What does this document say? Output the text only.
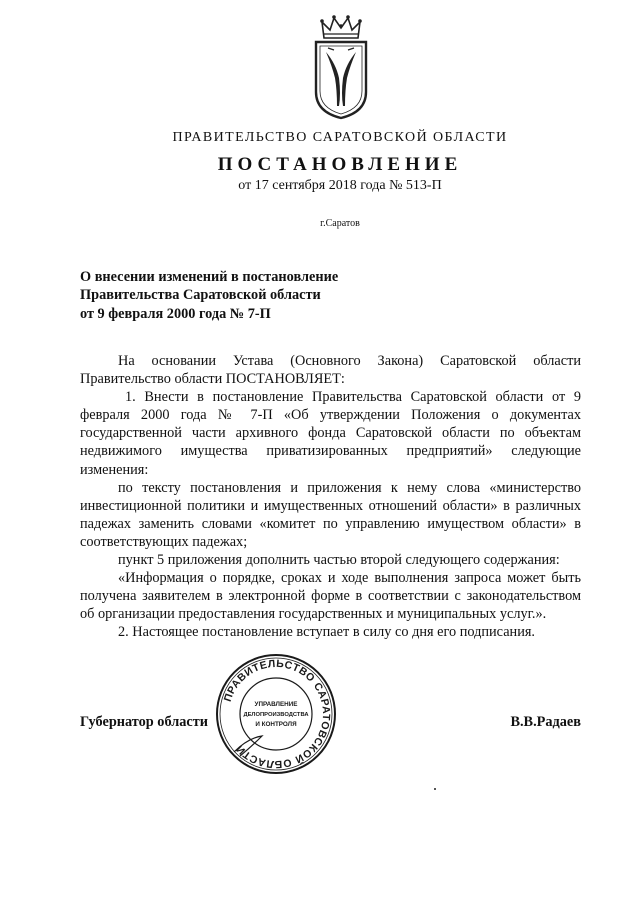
ПРАВИТЕЛЬСТВО САРАТОВСКОЙ ОБЛАСТИ
ПОСТАНОВЛЕНИЕ
от 17 сентября 2018 года № 513-П
г.Саратов
О внесении изменений в постановление
Правительства Саратовской области
от 9 февраля 2000 года № 7-П

На основании Устава (Основного Закона) Саратовской области Правительство области ПОСТАНОВЛЯЕТ:

1. Внести в постановление Правительства Саратовской области от 9 февраля 2000 года № 7-П «Об утверждении Положения о документах государственной части архивного фонда Саратовской области по объектам недвижимого имущества приватизированных предприятий» следующие изменения:

по тексту постановления и приложения к нему слова «министерство инвестиционной политики и имущественных отношений области» в различных падежах заменить словами «комитет по управлению имуществом области» в соответствующих падежах;

пункт 5 приложения дополнить частью второй следующего содержания:

«Информация о порядке, сроках и ходе выполнения запроса может быть получена заявителем в электронной форме в соответствии с законодательством об организации предоставления государственных и муниципальных услуг.».

2. Настоящее постановление вступает в силу со дня его подписания.

Губернатор области	В.В.Радаев
ПРАВИТЕЛЬСТВО САРАТОВСКОЙ ОБЛАСТИ
УПРАВЛЕНИЕ
ДЕЛОПРОИЗВОДСТВА
И КОНТРОЛЯ
